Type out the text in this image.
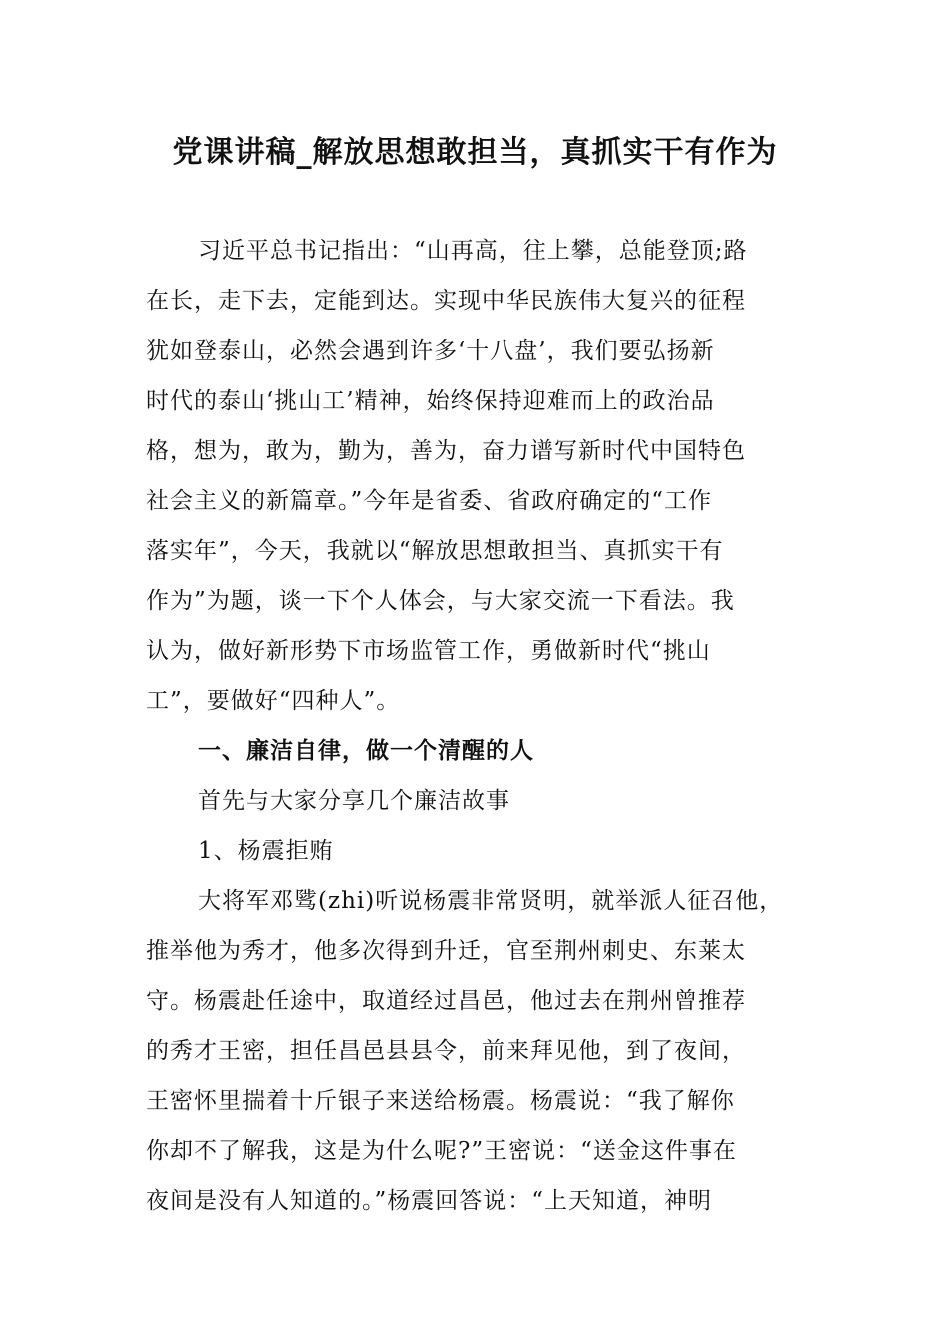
党课讲稿_解放思想敢担当，真抓实干有作为
习近平总书记指出：“山再高，往上攀，总能登顶;路
在长，走下去，定能到达。实现中华民族伟大复兴的征程
犹如登泰山，必然会遇到许多‘十八盘’，我们要弘扬新
时代的泰山‘挑山工’精神，始终保持迎难而上的政治品
格，想为，敢为，勤为，善为，奋力谱写新时代中国特色
社会主义的新篇章。”今年是省委、省政府确定的“工作
落实年”，今天，我就以“解放思想敢担当、真抓实干有
作为”为题，谈一下个人体会，与大家交流一下看法。我
认为，做好新形势下市场监管工作，勇做新时代“挑山
工”，要做好“四种人”。
一、廉洁自律，做一个清醒的人
首先与大家分享几个廉洁故事
1、杨震拒贿
大将军邓骘(zhi)听说杨震非常贤明，就举派人征召他，
推举他为秀才，他多次得到升迁，官至荆州刺史、东莱太
守。杨震赴任途中，取道经过昌邑，他过去在荆州曾推荐
的秀才王密，担任昌邑县县令，前来拜见他，到了夜间，
王密怀里揣着十斤银子来送给杨震。杨震说：“我了解你
你却不了解我，这是为什么呢?”王密说：“送金这件事在
夜间是没有人知道的。”杨震回答说：“上天知道，神明
